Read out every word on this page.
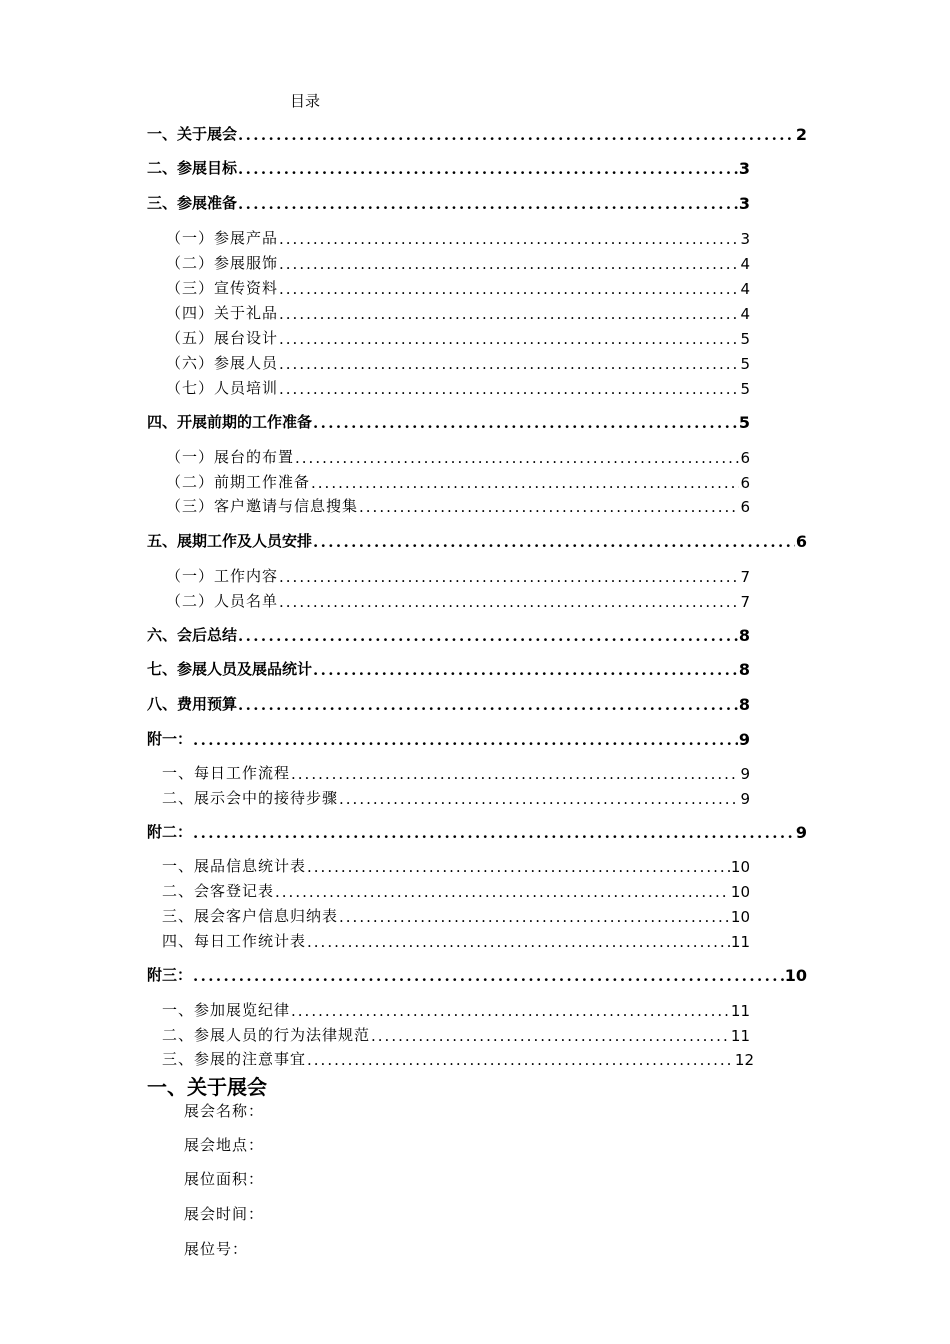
目录
一、关于展会 .....	2
二、参展目标 .....	3
三、参展准备 .....	3
（一）参展产品 .....	3
（二）参展服饰 .....	4
（三）宣传资料 .....	4
（四）关于礼品 .....	4
（五）展台设计 .....	5
（六）参展人员 .....	5
（七）人员培训 .....	5
四、开展前期的工作准备 .....	5
（一）展台的布置 .....	6
（二）前期工作准备 .....	6
（三）客户邀请与信息搜集 .....	6
五、展期工作及人员安排 .....	6
（一）工作内容 .....	7
（二）人员名单 .....	7
六、会后总结 .....	8
七、参展人员及展品统计 .....	8
八、费用预算 .....	8
附一： .....	9
一、每日工作流程 .....	9
二、展示会中的接待步骤 .....	9
附二： .....	9
一、展品信息统计表 .....	10
二、会客登记表 .....	10
三、展会客户信息归纳表 .....	10
四、每日工作统计表 .....	11
附三： .....	10
一、参加展览纪律 .....	11
二、参展人员的行为法律规范 .....	11
三、参展的注意事宜 .....	12
一、关于展会
展会名称：
展会地点：
展位面积：
展会时间：
展位号：
